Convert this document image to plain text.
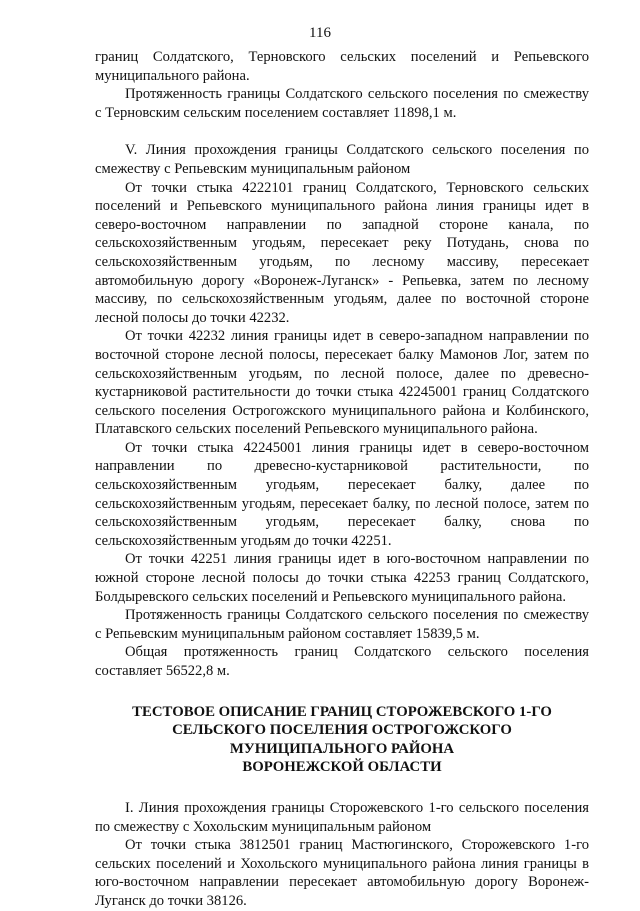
116

границ Солдатского, Терновского сельских поселений и Репьевского муниципального района.

Протяженность границы Солдатского сельского поселения по смежеству с Терновским сельским поселением составляет 11898,1 м.

V. Линия прохождения границы Солдатского сельского поселения по смежеству с Репьевским муниципальным районом

От точки стыка 4222101 границ Солдатского, Терновского сельских поселений и Репьевского муниципального района линия границы идет в северо-восточном направлении по западной стороне канала, по сельскохозяйственным угодьям, пересекает реку Потудань, снова по сельскохозяйственным угодьям, по лесному массиву, пересекает автомобильную дорогу «Воронеж-Луганск» - Репьевка, затем по лесному массиву, по сельскохозяйственным угодьям, далее по восточной стороне лесной полосы до точки 42232.

От точки 42232 линия границы идет в северо-западном направлении по восточной стороне лесной полосы, пересекает балку Мамонов Лог, затем по сельскохозяйственным угодьям, по лесной полосе, далее по древесно-кустарниковой растительности до точки стыка 42245001 границ Солдатского сельского поселения Острогожского муниципального района и Колбинского, Платавского сельских поселений Репьевского муниципального района.

От точки стыка 42245001 линия границы идет в северо-восточном направлении по древесно-кустарниковой растительности, по сельскохозяйственным угодьям, пересекает балку, далее по сельскохозяйственным угодьям, пересекает балку, по лесной полосе, затем по сельскохозяйственным угодьям, пересекает балку, снова по сельскохозяйственным угодьям до точки 42251.

От точки 42251 линия границы идет в юго-восточном направлении по южной стороне лесной полосы до точки стыка 42253 границ Солдатского, Болдыревского сельских поселений и Репьевского муниципального района.

Протяженность границы Солдатского сельского поселения по смежеству с Репьевским муниципальным районом составляет 15839,5 м.

Общая протяженность границ Солдатского сельского поселения составляет 56522,8 м.

ТЕСТОВОЕ ОПИСАНИЕ ГРАНИЦ СТОРОЖЕВСКОГО 1-ГО
СЕЛЬСКОГО ПОСЕЛЕНИЯ ОСТРОГОЖСКОГО
МУНИЦИПАЛЬНОГО РАЙОНА
ВОРОНЕЖСКОЙ ОБЛАСТИ

I. Линия прохождения границы Сторожевского 1-го сельского поселения по смежеству с Хохольским муниципальным районом

От точки стыка 3812501 границ Мастюгинского, Сторожевского 1-го сельских поселений и Хохольского муниципального района линия границы в юго-восточном направлении пересекает автомобильную дорогу Воронеж-Луганск до точки 38126.
